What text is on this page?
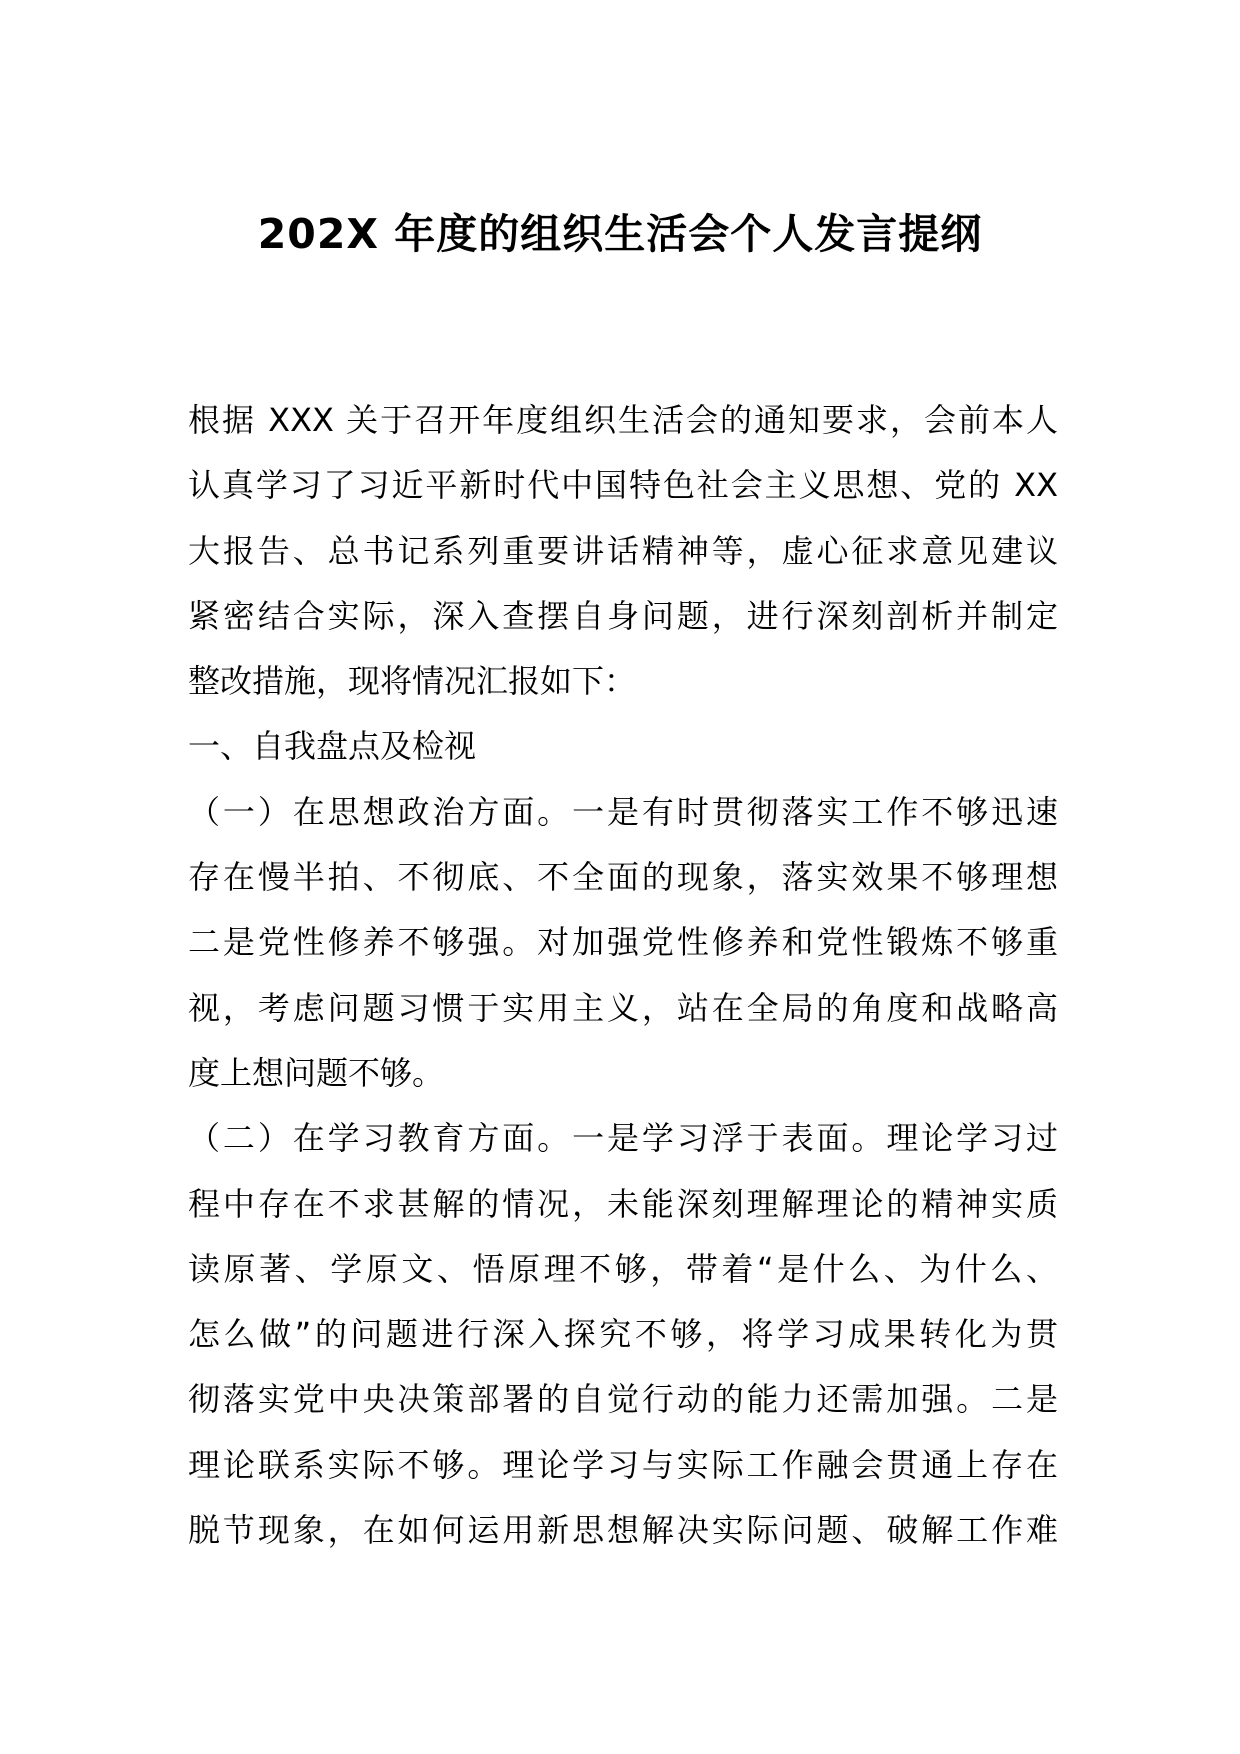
202X 年度的组织生活会个人发言提纲
根据 XXX 关于召开年度组织生活会的通知要求，会前本人
认真学习了习近平新时代中国特色社会主义思想、党的 XX
大报告、总书记系列重要讲话精神等，虚心征求意见建议
紧密结合实际，深入查摆自身问题，进行深刻剖析并制定
整改措施，现将情况汇报如下：
一、自我盘点及检视
（一）在思想政治方面。一是有时贯彻落实工作不够迅速
存在慢半拍、不彻底、不全面的现象，落实效果不够理想
二是党性修养不够强。对加强党性修养和党性锻炼不够重
视，考虑问题习惯于实用主义，站在全局的角度和战略高
度上想问题不够。
（二）在学习教育方面。一是学习浮于表面。理论学习过
程中存在不求甚解的情况，未能深刻理解理论的精神实质
读原著、学原文、悟原理不够，带着“是什么、为什么、
怎么做”的问题进行深入探究不够，将学习成果转化为贯
彻落实党中央决策部署的自觉行动的能力还需加强。二是
理论联系实际不够。理论学习与实际工作融会贯通上存在
脱节现象，在如何运用新思想解决实际问题、破解工作难
